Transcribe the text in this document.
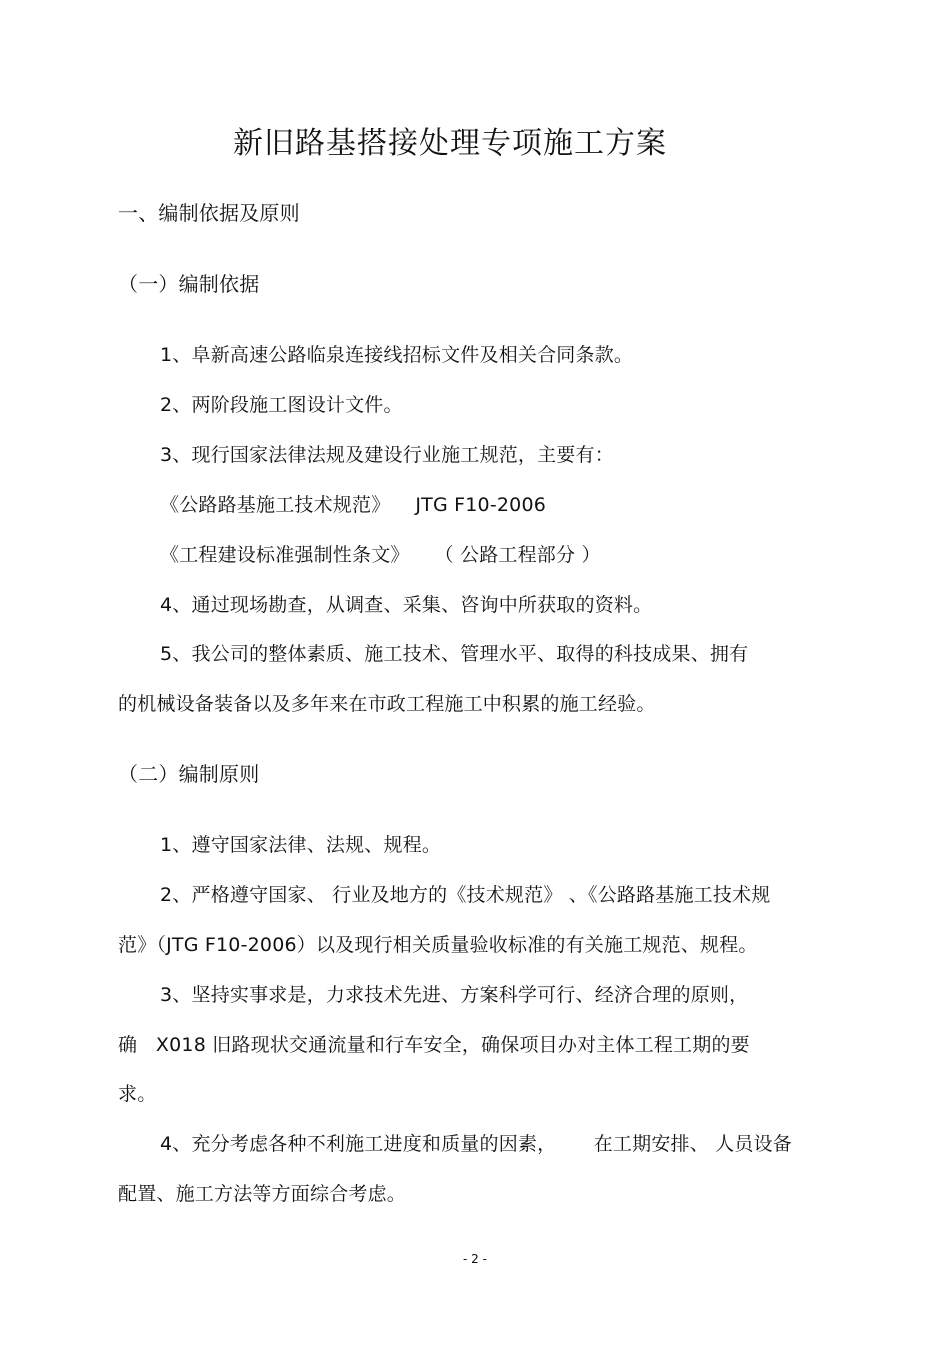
新旧路基搭接处理专项施工方案
一、编制依据及原则
（一）编制依据
1、阜新高速公路临泉连接线招标文件及相关合同条款。
2、两阶段施工图设计文件。
3、现行国家法律法规及建设行业施工规范，主要有：
《公路路基施工技术规范》    JTG F10-2006
《工程建设标准强制性条文》    （ 公路工程部分 ）
4、通过现场勘查，从调查、采集、咨询中所获取的资料。
5、我公司的整体素质、施工技术、管理水平、取得的科技成果、拥有
的机械设备装备以及多年来在市政工程施工中积累的施工经验。
（二）编制原则
1、遵守国家法律、法规、规程。
2、严格遵守国家、 行业及地方的《技术规范》 、《公路路基施工技术规
范》（JTG F10-2006）以及现行相关质量验收标准的有关施工规范、规程。
3、坚持实事求是，力求技术先进、方案科学可行、经济合理的原则，
确   X018 旧路现状交通流量和行车安全，确保项目办对主体工程工期的要
求。
4、充分考虑各种不利施工进度和质量的因素，      在工期安排、 人员设备
配置、施工方法等方面综合考虑。
- 2 -
